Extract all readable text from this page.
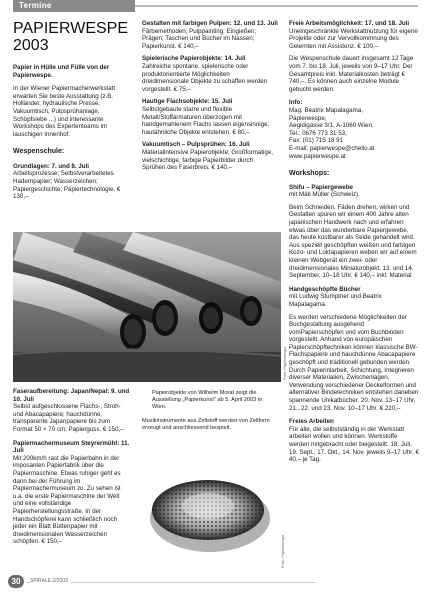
Termine
PAPIERWESPE
2003

Papier in Hülle und Fülle von der Papierwespe.

In der Wiener Papiermacherwerkstatt erwarten Sie beste Ausstattung (z.B. Holländer, hydraulische Presse, Vakuumtisch, Pulpsprühanlage, Schöpfsiebe ...) und interessante Workshops des Expertenteams im lauschigen Innenhof.

Wespenschule:

Grundlagen: 7. und 8. Juli

Arbeitsprozesse; Selbstverarbeitetes Hadernpapier; Wasserzeichen; Papiergeschichte; Papiertechnologie. € 130,–

Faseraufbereitung: Japan/Nepal: 9. und 10. Juli

Selbst aufgeschlossene Flachs-, Stroh- und Abacapapiere; hauchdünne, transparente Japanpapiere bis zum Format 50 × 70 cm; Papierguss. € 150,–

Papiermachermuseum Steyrermühl: 11. Juli

Mit 200km/h rast die Papierbahn in der imposanten Papierfabrik über die Papiermaschine. Etwas ruhiger geht es dann bei der Führung im Papiermachermuseum zu. Zu sehen ist u.a. die erste Papiermaschine der Welt und eine vollständige Papierherstellungsstraße. In der Handschöpferei kann schließlich noch jeder ein Blatt Büttenpapier mit dreidimensionalen Wasserzeichen schöpfen. € 150,–

Gestalten mit farbigen Pulpen: 12. und 13. Juli

Färbemethoden; Pulppainting: Eingießen; Prägen; Taschen und Bücher im Nassen; Papierkunst. € 140,–

Spielerische Papierobjekte: 14. Juli

Zahlreiche spontane, spielerische oder produktorientierte Möglichkeiten dreidimensionale Objekte zu schaffen werden vorgestellt. € 75,–

Hautige Flachsobjekte: 15. Juli

Selbstgebaute starre und flexible Metall/Stoffarmaturen überzogen mit handgemahlenem Flachs lassen eigensinnige, hautähnliche Objekte entstehen. € 80,–

Vakuumtisch – Pulpsprühen: 16. Juli

Materialintensive Papierobjekte; Großformatige, vielschichtige, farbige Papierbilder durch Sprühen des Faserbreis. € 140,–

Foto: Papierwespe
Papierobjekte von Wilhelm Morat zeigt die Ausstellung „Papierkunst" ab 5. April 2003 in Wien.
Musikinstrumente aus Zellstoff werden von Zellform erzeugt und anschliessend bespielt.
Foto: Papierwespe

Freie Arbeitsmöglichkeit: 17. und 18. Juli

Uneingeschränkte Werkstattnutzung für eigene Projekte oder zur Vervollkommnung des Gelernten mit Assistenz. € 100,–

Die Wespenschule dauert insgesamt 12 Tage vom 7. bis 18. Juli, jeweils von 9–17 Uhr. Der Gesamtpreis inkl. Materialkosten beträgt € 740,–. Es können auch einzelne Module gebucht werden.

Info:

Mag. Beatrix Mapalagama,

Papierwespe,

Aegidigasse 3/1, A-1060 Wien.

Tel.: 0676 773 31 53,

Fax: (01) 715 18 91

E-mail: papierwespe@chello.at

www.papierwespe.at

Workshops:

Shifu – Papiergewebe

mit Mäti Müller (Schweiz).

Beim Schneiden, Fäden drehen, wirken und Gestalten spüren wir einem 400 Jahre alten japanischen Handwerk nach und erfahren etwas über das wunderbare Papiergewebe, das heute kostbarer als Seide gehandelt wird. Aus speziell geschöpften weißen und farbigen Kozo- und Loktapapieren weben wir auf einem kleinen Webgerät ein zwei- oder dreidimensionales Miniaturobjekt. 13. und 14. September, 10–18 Uhr. € 140,– inkl. Material

Handgeschöpfte Bücher

mit Ludwig Stumptner und Beatrix Mapalagama.

Es werden verschiedene Möglichkeiten der Buchgestaltung ausgehend vomPapierschöpfen und vom Buchbinden vorgestellt. Anhand von europäischen Papierschöpftechniken können klassische BW-Flachspapiere und hauchdünne Abacapapiere geschöpft und traditionell gebunden werden. Durch Papierinlarbeit, Schichtung, Integrieren diverser Materialien, Zwischenlagen, Verwendung verschiedener Deckelformen und alternativer Bindetechniken entstehen daneben spannende Unikatbücher. 20. Nov. 13–17 Uhr, 21., 22. und 23. Nov. 10–17 Uhr. € 220,–

Freies Arbeiten

Für alle, die selbstständig in der Werkstatt arbeiten wollen und können. Werkstoffe werden mitgebracht oder beigestellt. 18. Juli, 19. Sept., 17. Okt., 14. Nov. jeweils 9–17 Uhr. € 40,– je Tag.

30	SPIRALE 2/2003
